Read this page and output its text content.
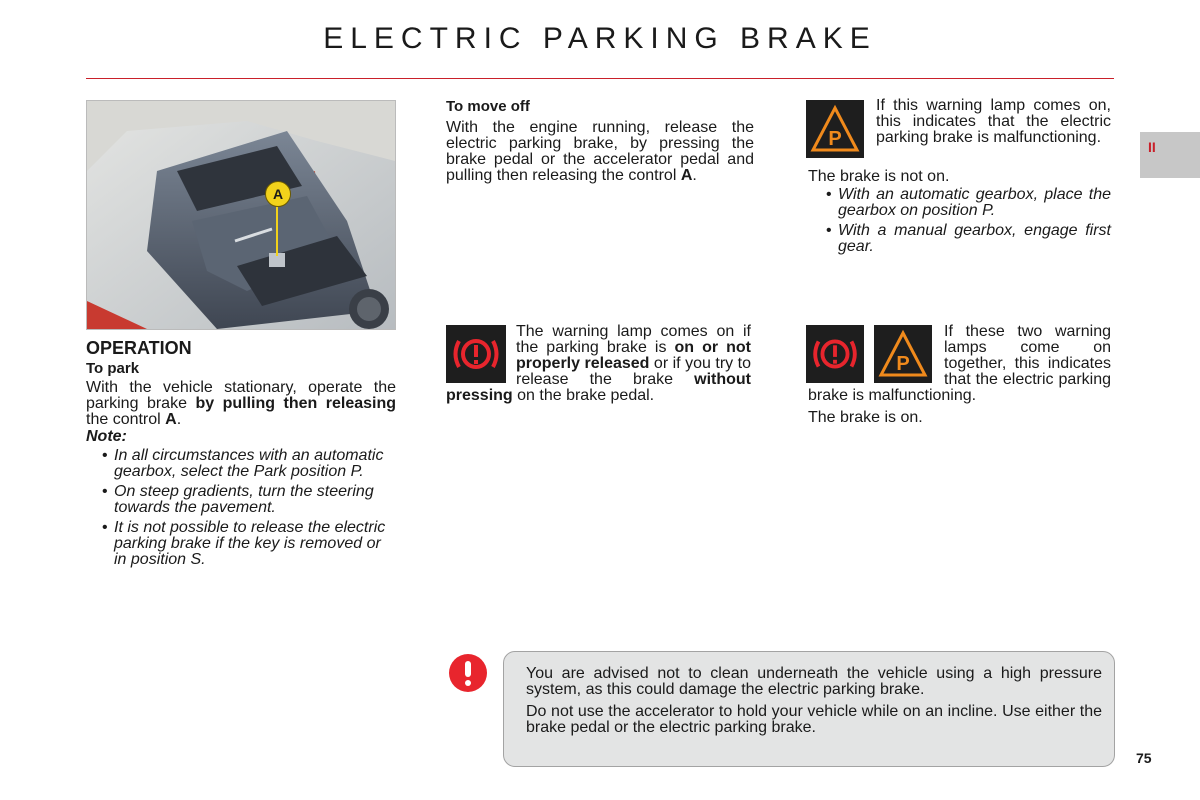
ELECTRIC PARKING BRAKE
II
A

OPERATION

To park

With the vehicle stationary, operate the parking brake by pulling then releasing the control A.

Note:

• In all circumstances with an automatic gearbox, select the Park position P.
• On steep gradients, turn the steering towards the pavement.
• It is not possible to release the electric parking brake if the key is removed or in position S.

To move off

With the engine running, release the electric parking brake, by pressing the brake pedal or the accelerator pedal and pulling then releasing the control A.

The warning lamp comes on if the parking brake is on or not properly released or if you try to release the brake without pressing on the brake pedal.
P
If this warning lamp comes on, this indicates that the electric parking brake is malfunctioning.

The brake is not on.

• With an automatic gearbox, place the gearbox on position P.
• With a manual gearbox, engage first gear.
P
If these two warning lamps come on together, this indicates that the electric parking brake is malfunctioning.
The brake is on.

You are advised not to clean underneath the vehicle using a high pressure system, as this could damage the electric parking brake.

Do not use the accelerator to hold your vehicle while on an incline. Use either the brake pedal or the electric parking brake.

75
